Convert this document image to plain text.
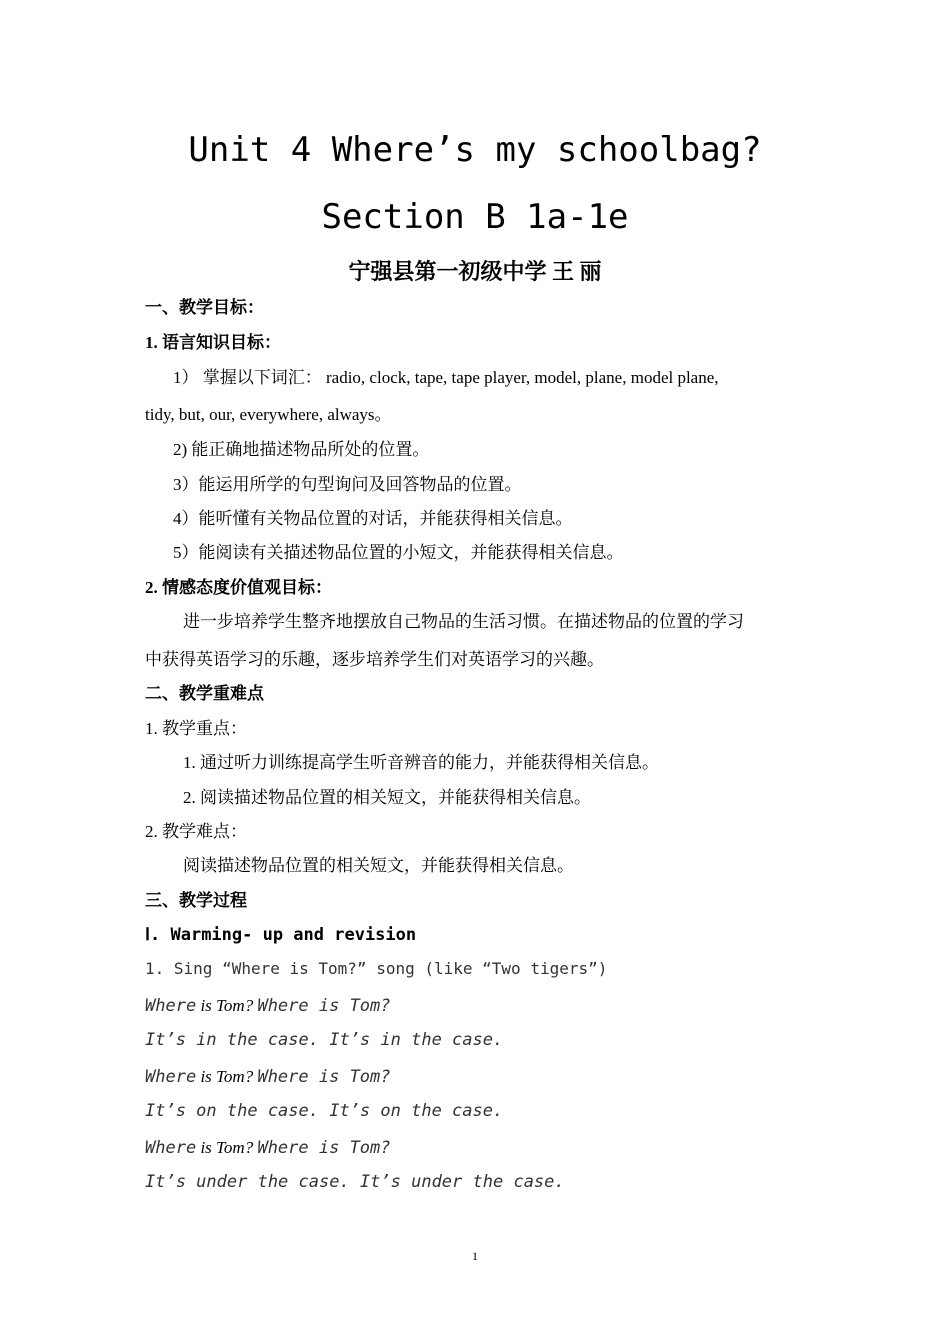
Unit 4 Where’s my schoolbag?
Section B 1a-1e
宁强县第一初级中学 王 丽
一、教学目标：
1. 语言知识目标：
1） 掌握以下词汇： radio, clock, tape, tape player, model, plane, model plane,
tidy, but, our, everywhere, always。
2) 能正确地描述物品所处的位置。
3）能运用所学的句型询问及回答物品的位置。
4）能听懂有关物品位置的对话，并能获得相关信息。
5）能阅读有关描述物品位置的小短文，并能获得相关信息。
2. 情感态度价值观目标：
进一步培养学生整齐地摆放自己物品的生活习惯。在描述物品的位置的学习
中获得英语学习的乐趣，逐步培养学生们对英语学习的兴趣。
二、教学重难点
1. 教学重点：
1. 通过听力训练提高学生听音辨音的能力，并能获得相关信息。
2. 阅读描述物品位置的相关短文，并能获得相关信息。
2. 教学难点：
阅读描述物品位置的相关短文，并能获得相关信息。
三、教学过程
Ⅰ. Warming- up and revision
1. Sing “Where is Tom?” song (like “Two tigers”)
Where is Tom? Where is Tom?
It’s in the case. It’s in the case.
Where is Tom? Where is Tom?
It’s on the case. It’s on the case.
Where is Tom? Where is Tom?
It’s under the case. It’s under the case.
1
